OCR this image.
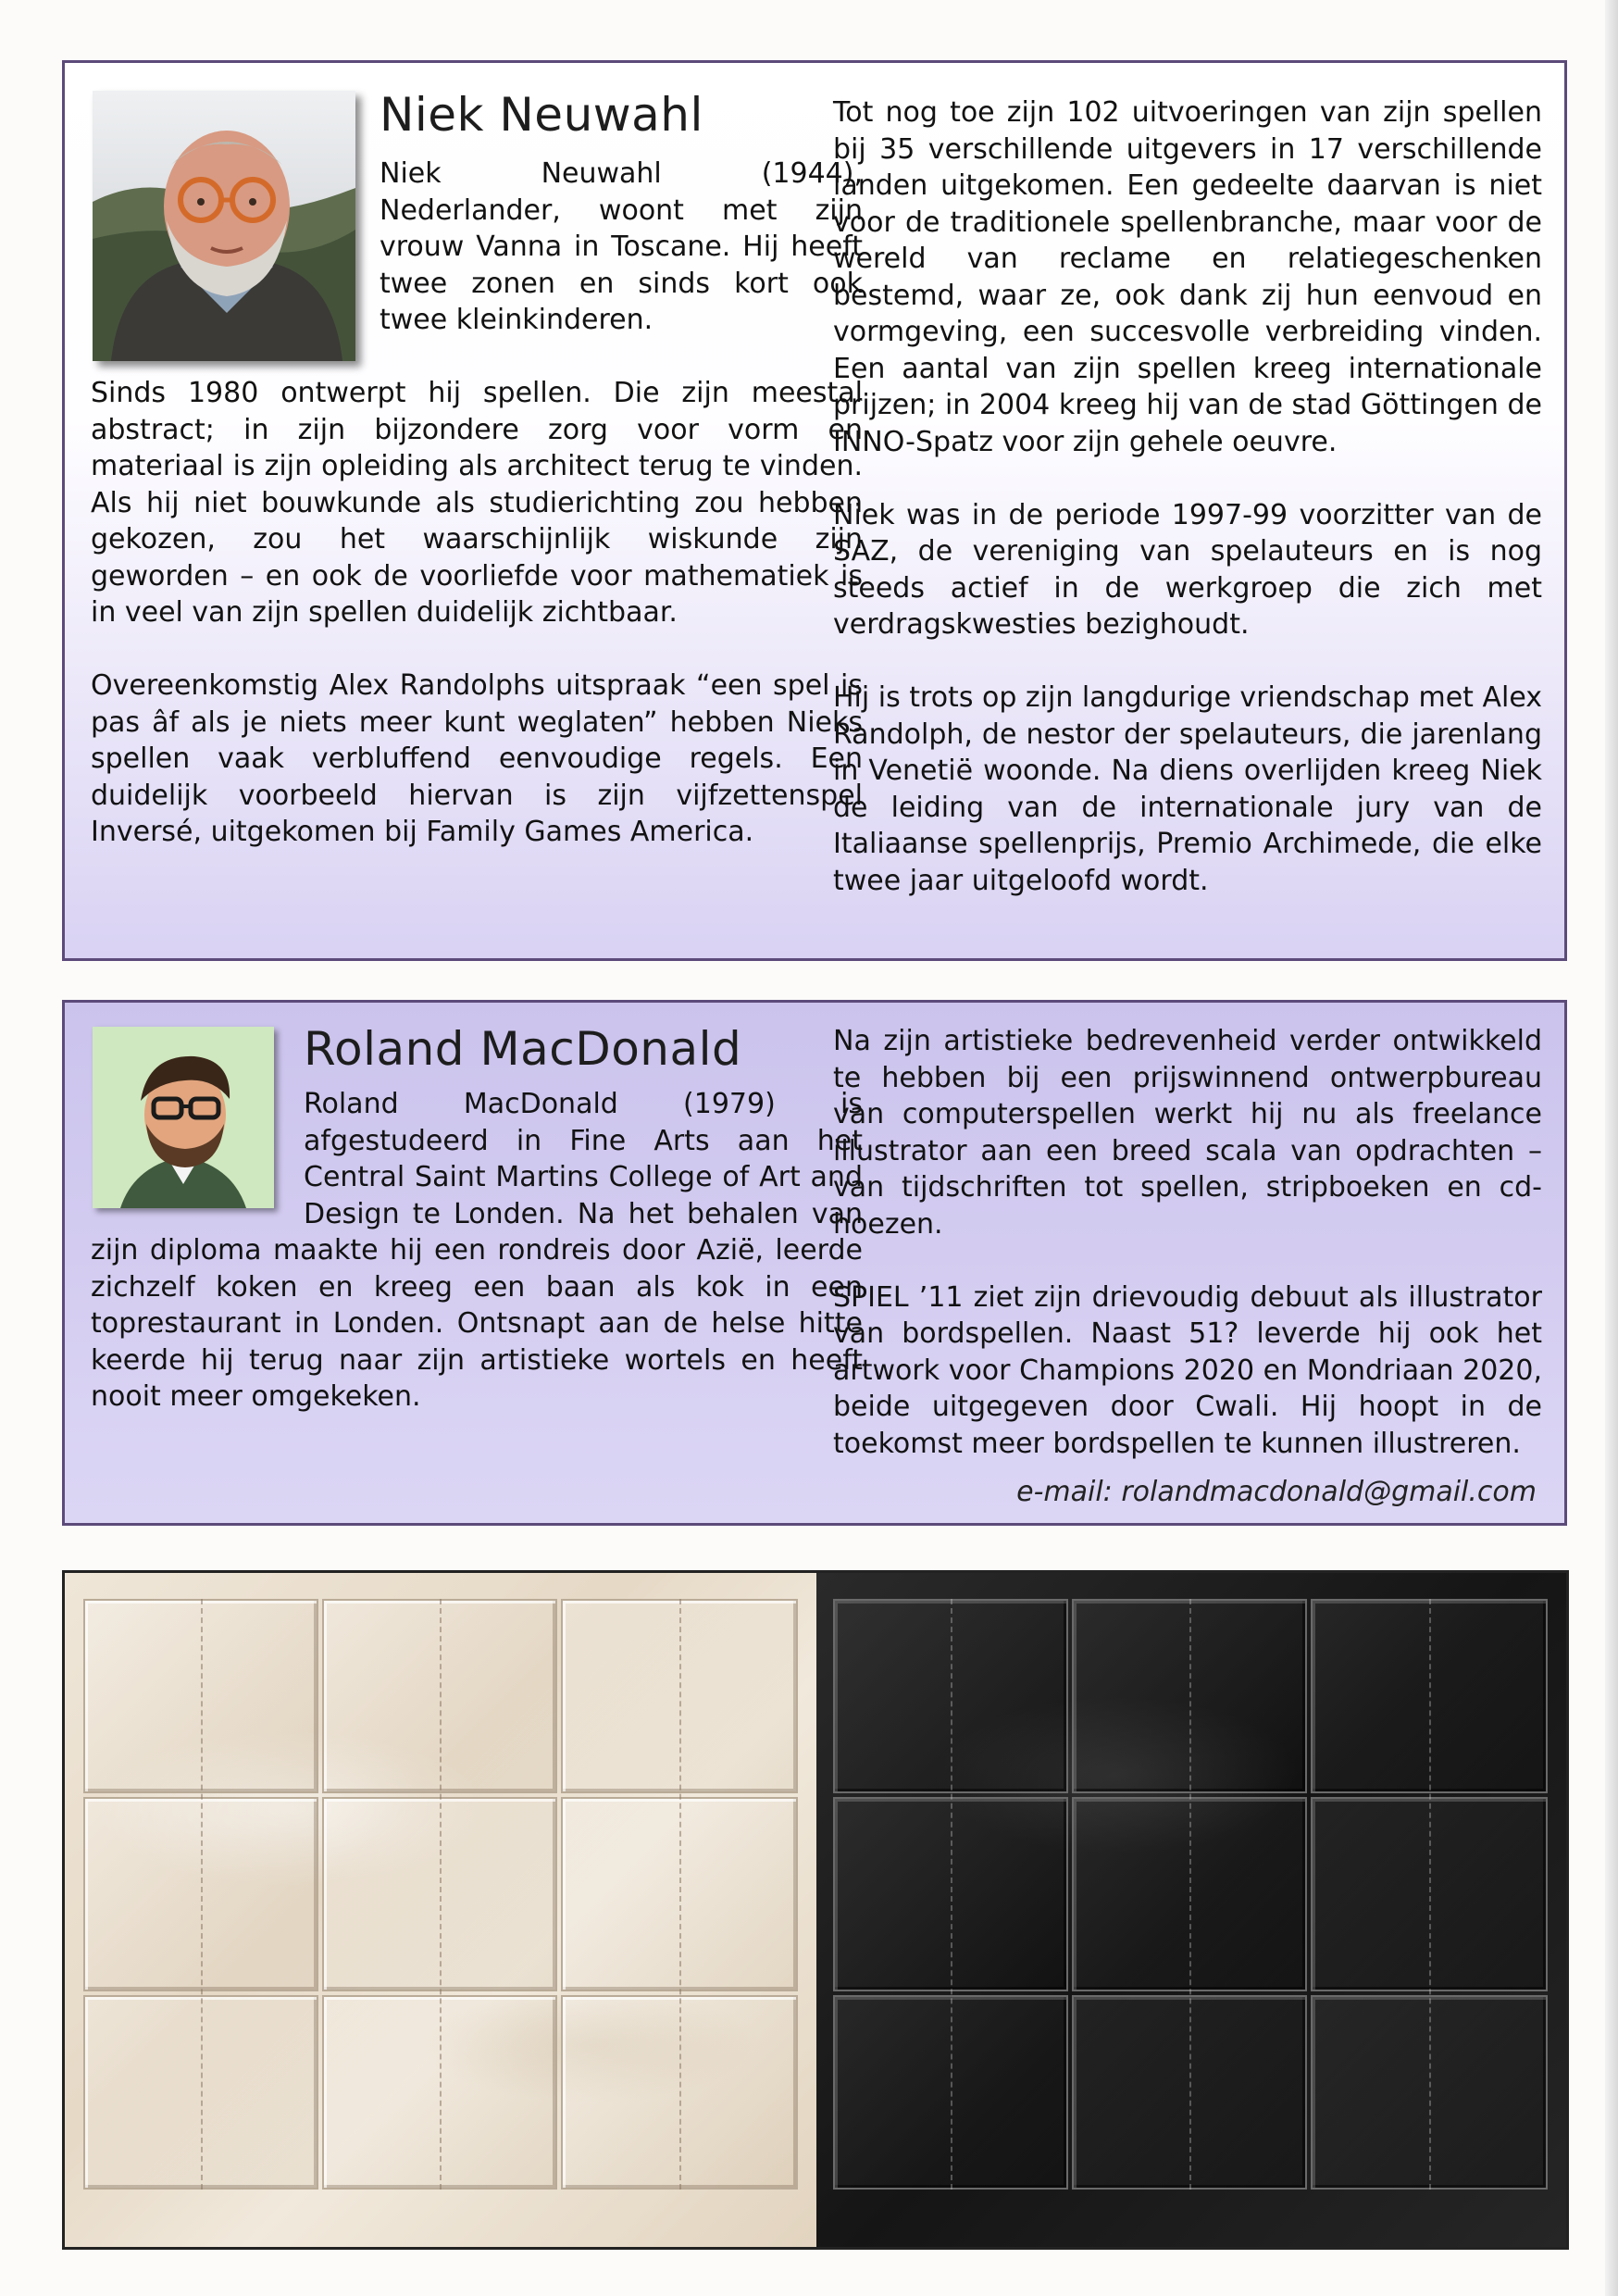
Niek Neuwahl

Niek Neuwahl (1944), Nederlander, woont met zijn vrouw Vanna in Toscane. Hij heeft twee zonen en sinds kort ook twee kleinkinderen.

Sinds 1980 ontwerpt hij spellen. Die zijn meestal abstract; in zijn bijzondere zorg voor vorm en materiaal is zijn opleiding als architect terug te vinden. Als hij niet bouwkunde als studierichting zou hebben gekozen, zou het waarschijnlijk wiskunde zijn geworden – en ook de voorliefde voor mathematiek is in veel van zijn spellen duidelijk zichtbaar.

Overeenkomstig Alex Randolphs uitspraak “een spel is pas âf als je niets meer kunt weglaten” hebben Nieks spellen vaak verbluffend eenvoudige regels. Een duidelijk voorbeeld hiervan is zijn vijfzettenspel Inversé, uitgekomen bij Family Games America.

Tot nog toe zijn 102 uitvoeringen van zijn spellen bij 35 verschillende uitgevers in 17 verschillende landen uitgekomen. Een gedeelte daarvan is niet voor de traditionele spellenbranche, maar voor de wereld van reclame en relatiegeschenken bestemd, waar ze, ook dank zij hun eenvoud en vormgeving, een succesvolle verbreiding vinden. Een aantal van zijn spellen kreeg internationale prijzen; in 2004 kreeg hij van de stad Göttingen de INNO-Spatz voor zijn gehele oeuvre.

Niek was in de periode 1997-99 voorzitter van de SAZ, de vereniging van spelauteurs en is nog steeds actief in de werkgroep die zich met verdragskwesties bezighoudt.

Hij is trots op zijn langdurige vriendschap met Alex Randolph, de nestor der spelauteurs, die jarenlang in Venetië woonde. Na diens overlijden kreeg Niek de leiding van de internationale jury van de Italiaanse spellenprijs, Premio Archimede, die elke twee jaar uitgeloofd wordt.

Roland MacDonald

Roland MacDonald (1979) is afgestudeerd in Fine Arts aan het Central Saint Martins College of Art and Design te Londen. Na het behalen van zijn diploma maakte hij een rondreis door Azië, leerde zichzelf koken en kreeg een baan als kok in een toprestaurant in Londen. Ontsnapt aan de helse hitte keerde hij terug naar zijn artistieke wortels en heeft nooit meer omgekeken.

Na zijn artistieke bedrevenheid verder ontwikkeld te hebben bij een prijswinnend ontwerpbureau van computerspellen werkt hij nu als freelance illustrator aan een breed scala van opdrachten – van tijdschriften tot spellen, stripboeken en cd-hoezen.

SPIEL ’11 ziet zijn drievoudig debuut als illustrator van bordspellen. Naast 51? leverde hij ook het artwork voor Champions 2020 en Mondriaan 2020, beide uitgegeven door Cwali. Hij hoopt in de toekomst meer bordspellen te kunnen illustreren.

e-mail: rolandmacdonald@gmail.com
